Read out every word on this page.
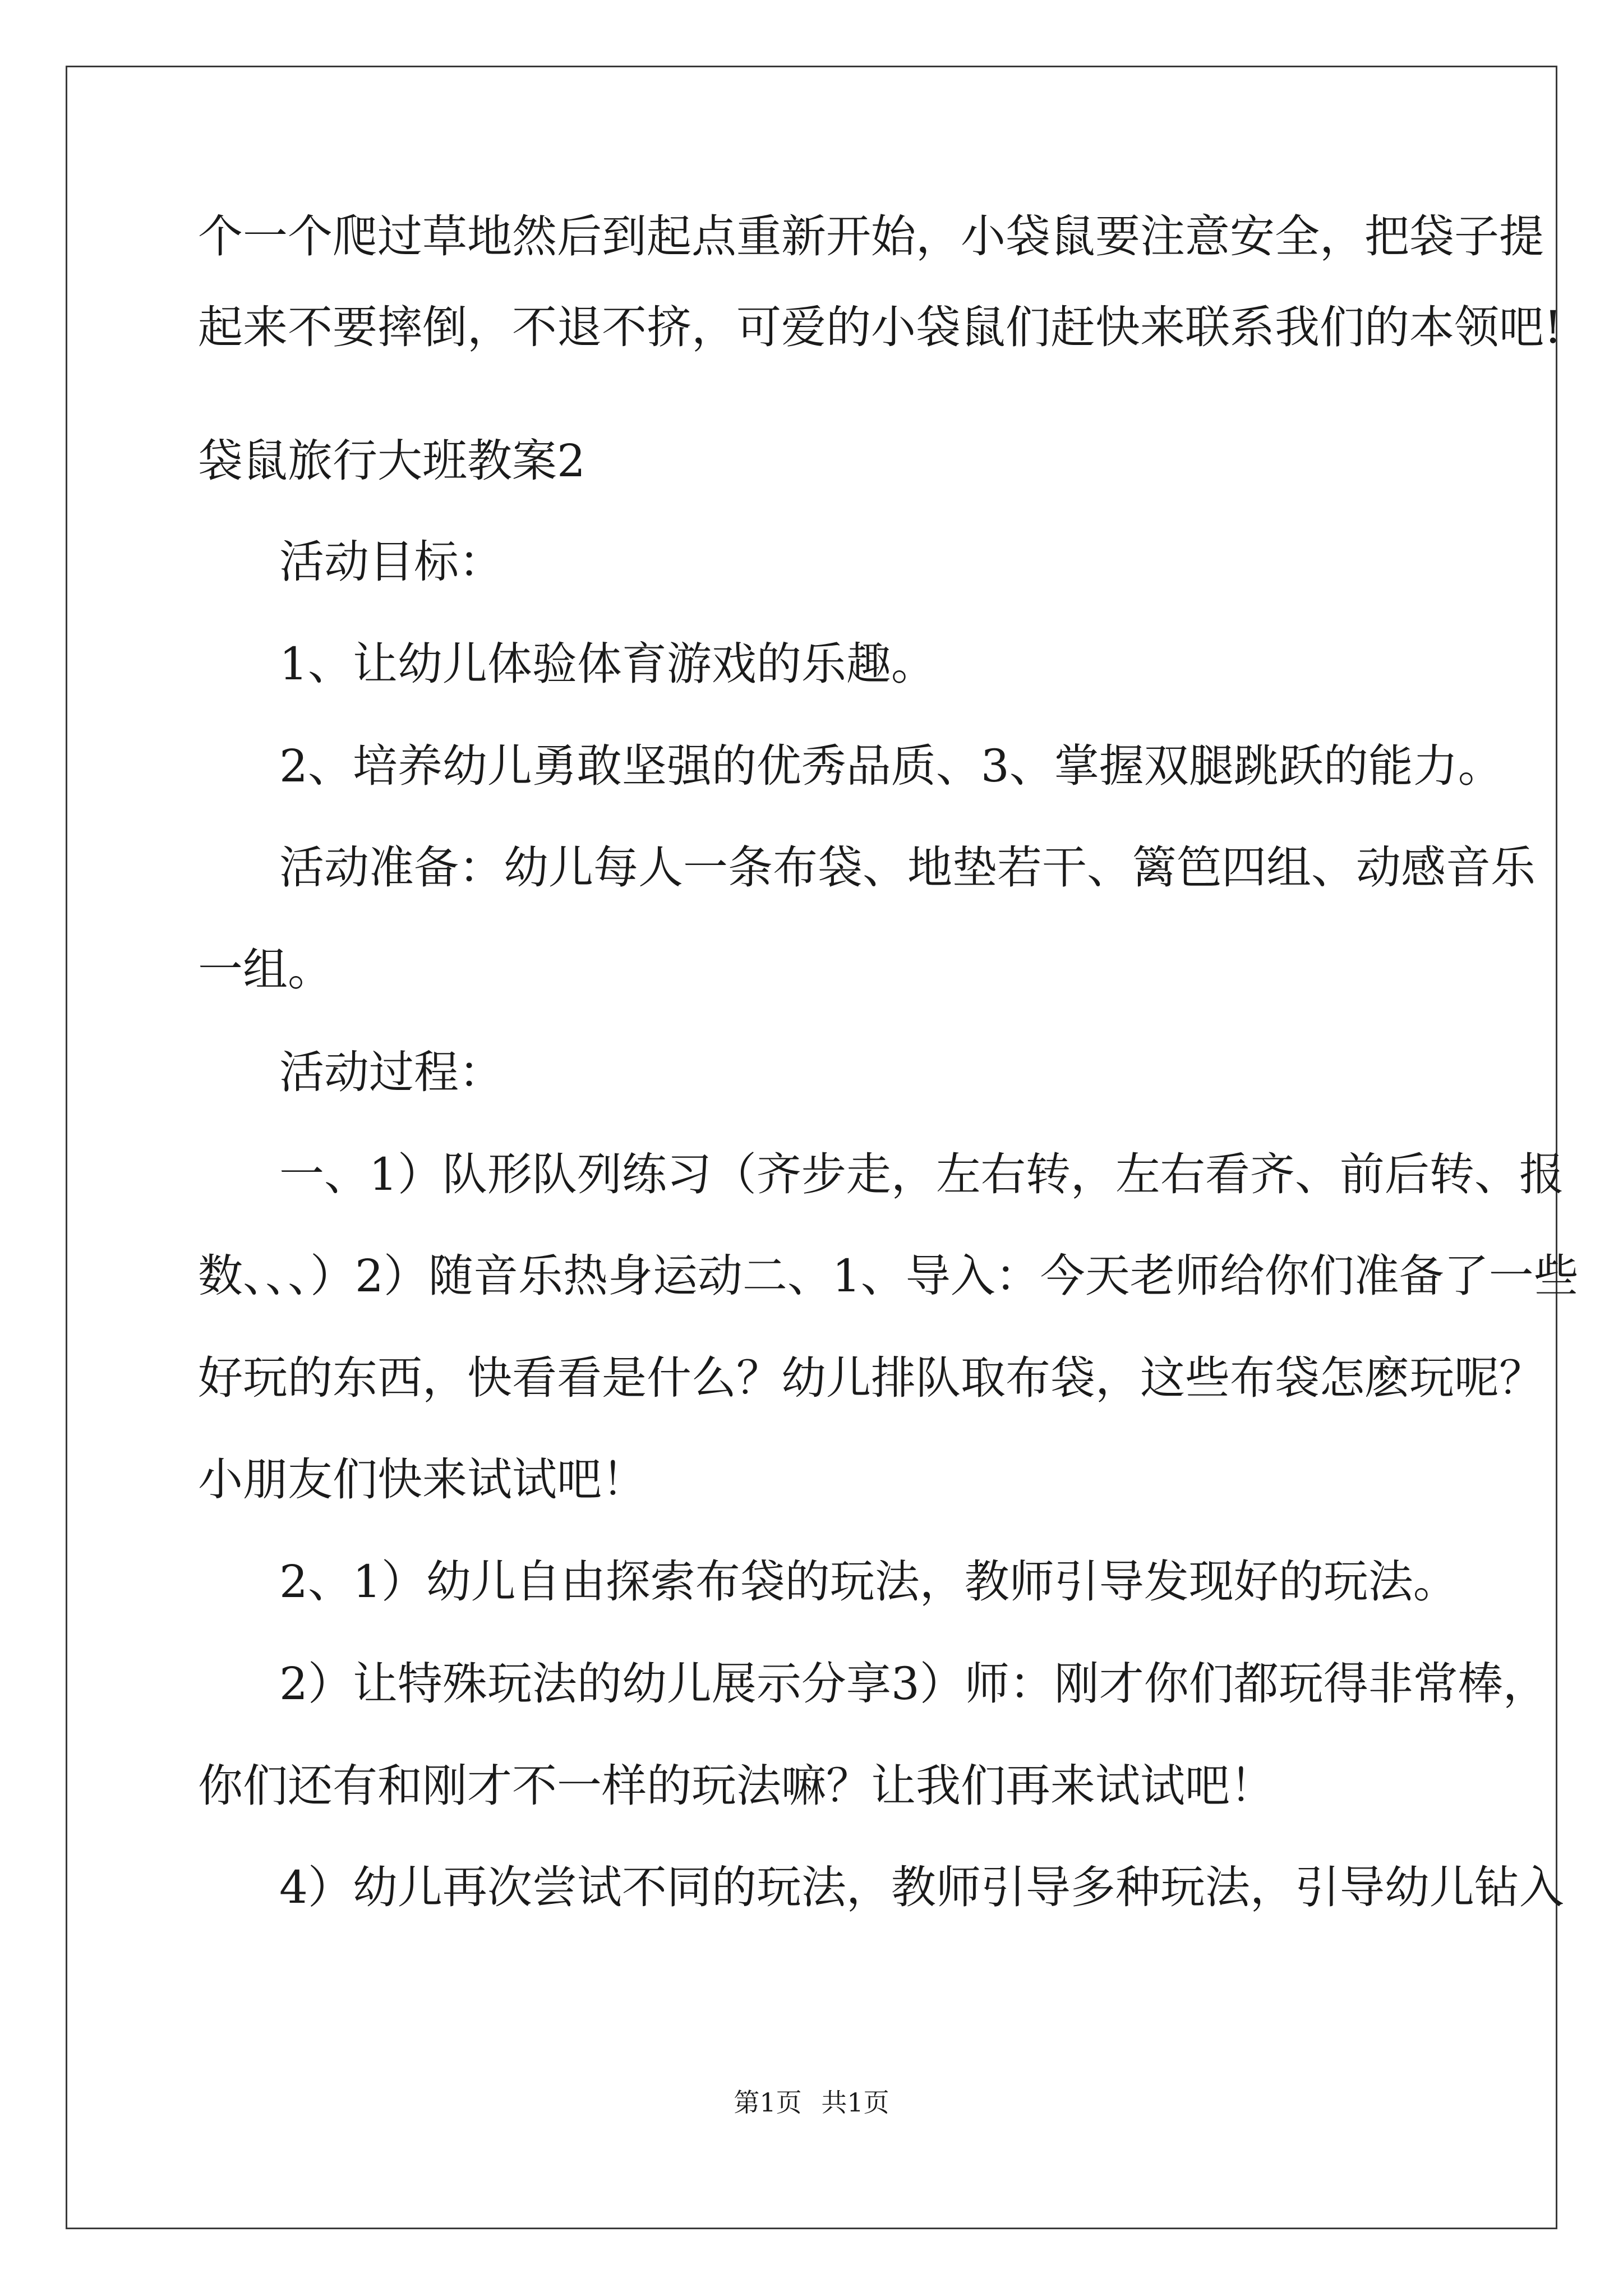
个一个爬过草地然后到起点重新开始，小袋鼠要注意安全，把袋子提
起来不要摔倒，不退不挤，可爱的小袋鼠们赶快来联系我们的本领吧!
袋鼠旅行大班教案2
活动目标：
1、让幼儿体验体育游戏的乐趣。
2、培养幼儿勇敢坚强的优秀品质、3、掌握双腿跳跃的能力。
活动准备：幼儿每人一条布袋、地垫若干、篱笆四组、动感音乐
一组。
活动过程：
一、1）队形队列练习（齐步走，左右转，左右看齐、前后转、报
数、、、）2）随音乐热身运动二、1、导入：今天老师给你们准备了一些
好玩的东西，快看看是什么？幼儿排队取布袋，这些布袋怎麽玩呢？
小朋友们快来试试吧！
2、1）幼儿自由探索布袋的玩法，教师引导发现好的玩法。
2）让特殊玩法的幼儿展示分享3）师：刚才你们都玩得非常棒，
你们还有和刚才不一样的玩法嘛？让我们再来试试吧！
4）幼儿再次尝试不同的玩法，教师引导多种玩法，引导幼儿钻入
第1页 共1页
